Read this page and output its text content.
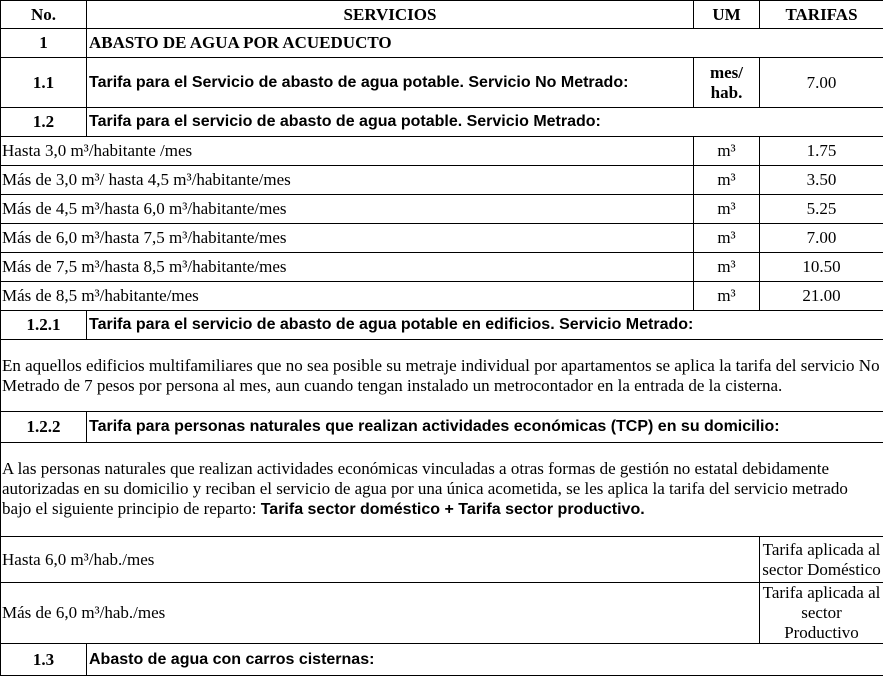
No.	SERVICIOS	UM	TARIFAS
1	ABASTO DE AGUA POR ACUEDUCTO		
1.1	Tarifa para el Servicio de abasto de agua potable. Servicio No Metrado:	mes/ hab.	7.00
1.2	Tarifa para el servicio de abasto de agua potable. Servicio Metrado:		
Hasta 3,0 m³/habitante /mes		m³	1.75
Más de 3,0 m³/ hasta 4,5 m³/habitante/mes		m³	3.50
Más de 4,5 m³/hasta 6,0 m³/habitante/mes		m³	5.25
Más de 6,0 m³/hasta 7,5 m³/habitante/mes		m³	7.00
Más de 7,5 m³/hasta 8,5 m³/habitante/mes		m³	10.50
Más de 8,5 m³/habitante/mes		m³	21.00
1.2.1	Tarifa para el servicio de abasto de agua potable en edificios. Servicio Metrado:		
En aquellos edificios multifamiliares que no sea posible su metraje individual por apartamentos se aplica la tarifa del servicio No Metrado de 7 pesos por persona al mes, aun cuando tengan instalado un metrocontador en la entrada de la cisterna.			
1.2.2	Tarifa para personas naturales que realizan actividades económicas (TCP) en su domicilio:		
A las personas naturales que realizan actividades económicas vinculadas a otras formas de gestión no estatal debidamente autorizadas en su domicilio y reciban el servicio de agua por una única acometida, se les aplica la tarifa del servicio metrado bajo el siguiente principio de reparto: Tarifa sector doméstico + Tarifa sector productivo.			
Hasta 6,0 m³/hab./mes			Tarifa aplicada al sector Doméstico
Más de 6,0 m³/hab./mes			Tarifa aplicada al sector Productivo
1.3	Abasto de agua con carros cisternas:		
